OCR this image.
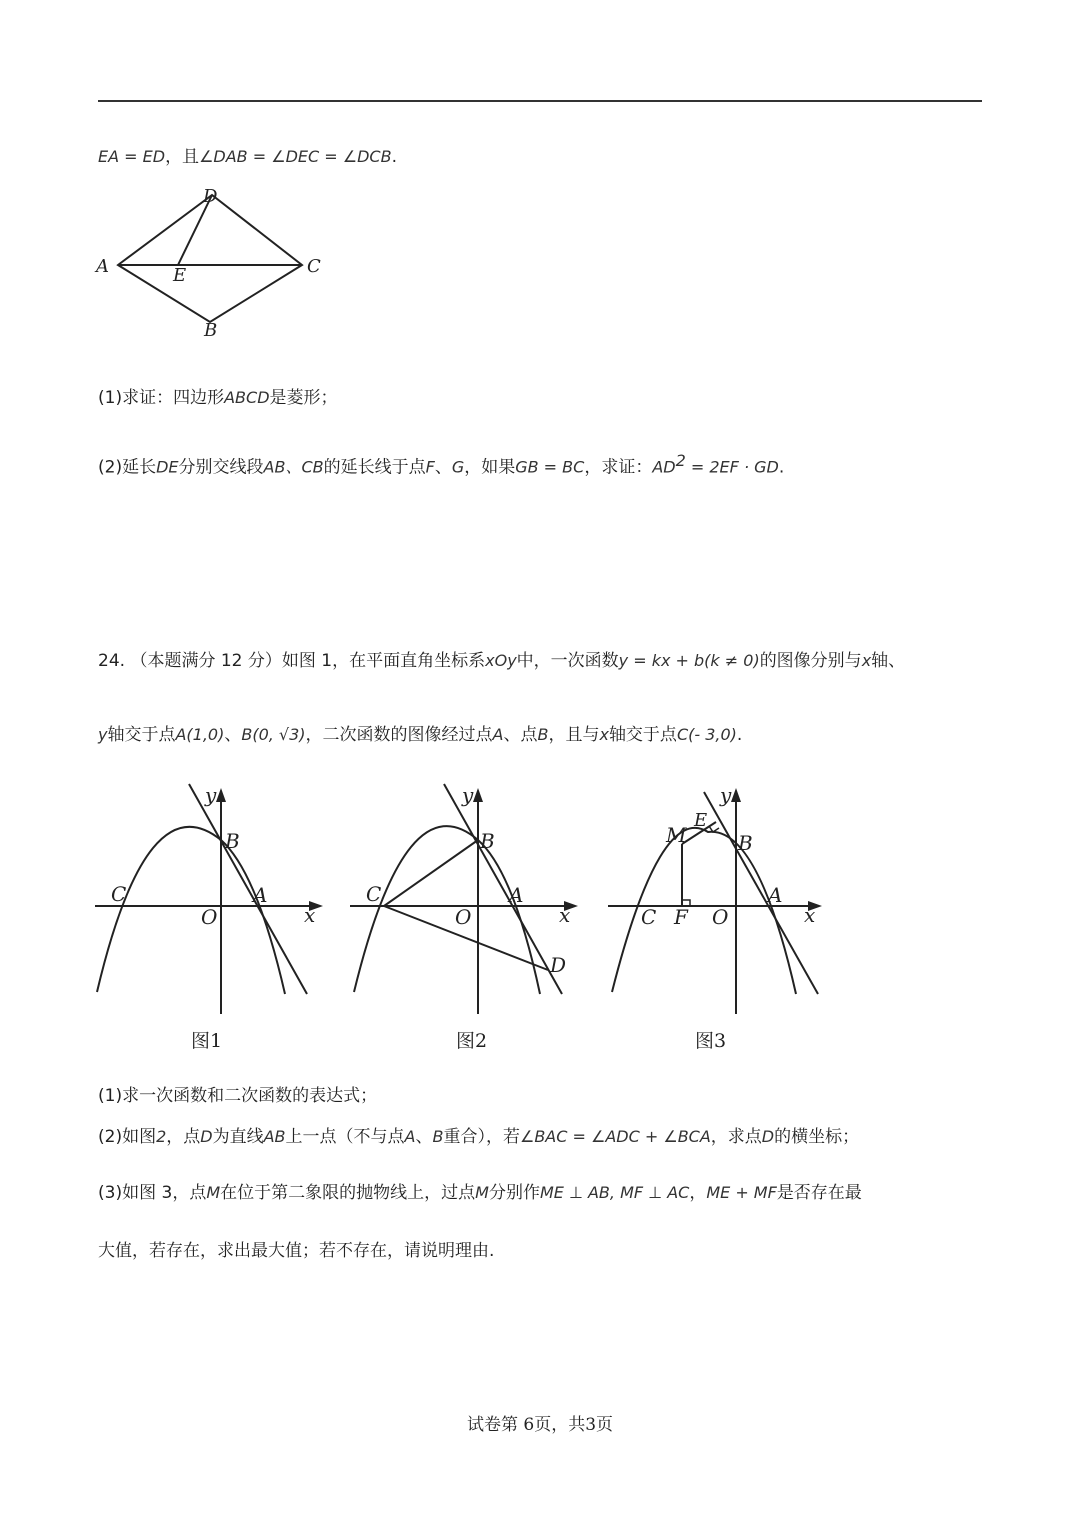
EA = ED，且∠DAB = ∠DEC = ∠DCB.
D
A	E	C
B
(1)求证：四边形ABCD是菱形；
(2)延长DE分别交线段AB、CB的延长线于点F、G，如果GB = BC，求证：$AD^2 = 2EF$ · GD.
24. （本题满分 12 分）如图 1，在平面直角坐标系xOy中，一次函数y = kx + b(k ≠ 0)的图像分别与x轴、
y轴交于点A(1,0)、B(0, √3)，二次函数的图像经过点A、点B，且与x轴交于点C(- 3,0).
y
x
B
C
O
A
图1
y
x
B
C
O
A
D
图2
y
x
B
C	O
A
M
E
F
图3
(1)求一次函数和二次函数的表达式；
(2)如图2，点D为直线AB上一点（不与点A、B重合），若∠BAC = ∠ADC + ∠BCA，求点D的横坐标；
(3)如图 3，点M在位于第二象限的抛物线上，过点M分别作ME ⊥ AB, MF ⊥ AC，ME + MF是否存在最
大值，若存在，求出最大值；若不存在，请说明理由.
试卷第 6页，共3页
